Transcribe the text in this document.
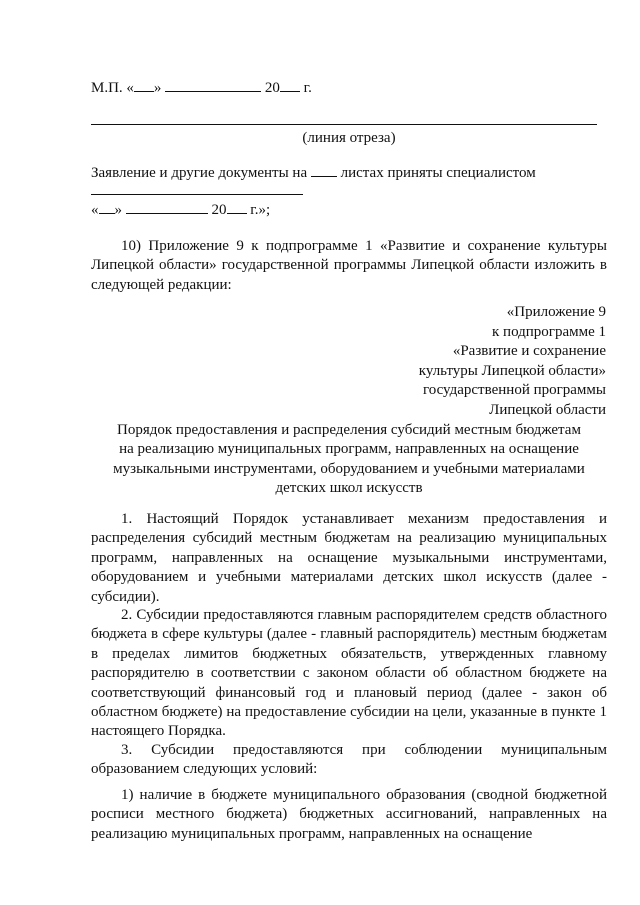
М.П. « »	20 г.
(линия отреза)
Заявление и другие документы на листах приняты специалистом
« »	20 г.»;
10) Приложение 9 к подпрограмме 1 «Развитие и сохранение культуры Липецкой области» государственной программы Липецкой области изложить в следующей редакции:
«Приложение 9
к подпрограмме 1
«Развитие и сохранение
культуры Липецкой области»
государственной программы
Липецкой области
Порядок предоставления и распределения субсидий местным бюджетам
на реализацию муниципальных программ, направленных на оснащение
музыкальными инструментами, оборудованием и учебными материалами
детских школ искусств
1. Настоящий Порядок устанавливает механизм предоставления и распределения субсидий местным бюджетам на реализацию муниципальных программ, направленных на оснащение музыкальными инструментами, оборудованием и учебными материалами детских школ искусств (далее - субсидии).
2. Субсидии предоставляются главным распорядителем средств областного бюджета в сфере культуры (далее - главный распорядитель) местным бюджетам в пределах лимитов бюджетных обязательств, утвержденных главному распорядителю в соответствии с законом области об областном бюджете на соответствующий финансовый год и плановый период (далее - закон об областном бюджете) на предоставление субсидии на цели, указанные в пункте 1 настоящего Порядка.
3. Субсидии предоставляются при соблюдении муниципальным образованием следующих условий:
1) наличие в бюджете муниципального образования (сводной бюджетной росписи местного бюджета) бюджетных ассигнований, направленных на реализацию муниципальных программ, направленных на оснащение
